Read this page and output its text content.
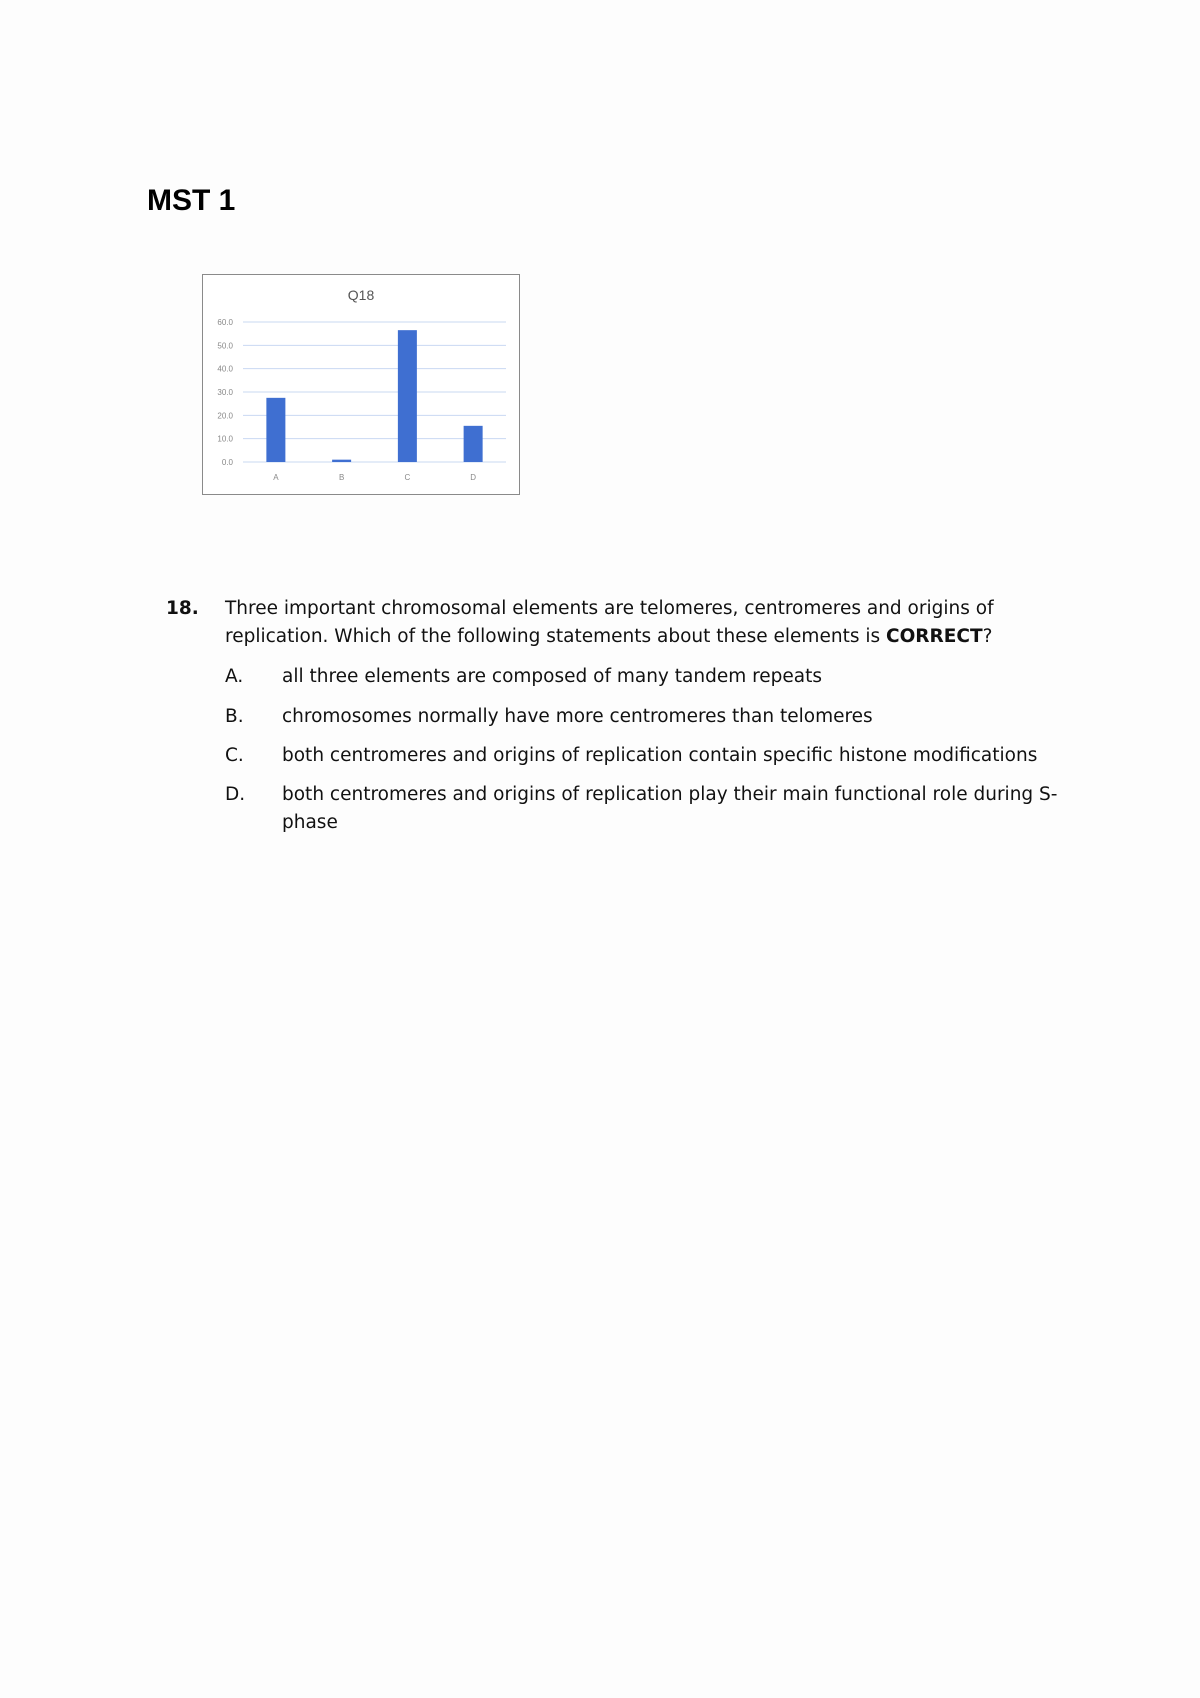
MST 1
Q18
0.0
10.0
20.0
30.0
40.0
50.0
60.0
A	B	C	D
18. Three important chromosomal elements are telomeres, centromeres and origins of replication. Which of the following statements about these elements is CORRECT?
A. all three elements are composed of many tandem repeats
B. chromosomes normally have more centromeres than telomeres
C. both centromeres and origins of replication contain specific histone modifications
D. both centromeres and origins of replication play their main functional role during S-phase
